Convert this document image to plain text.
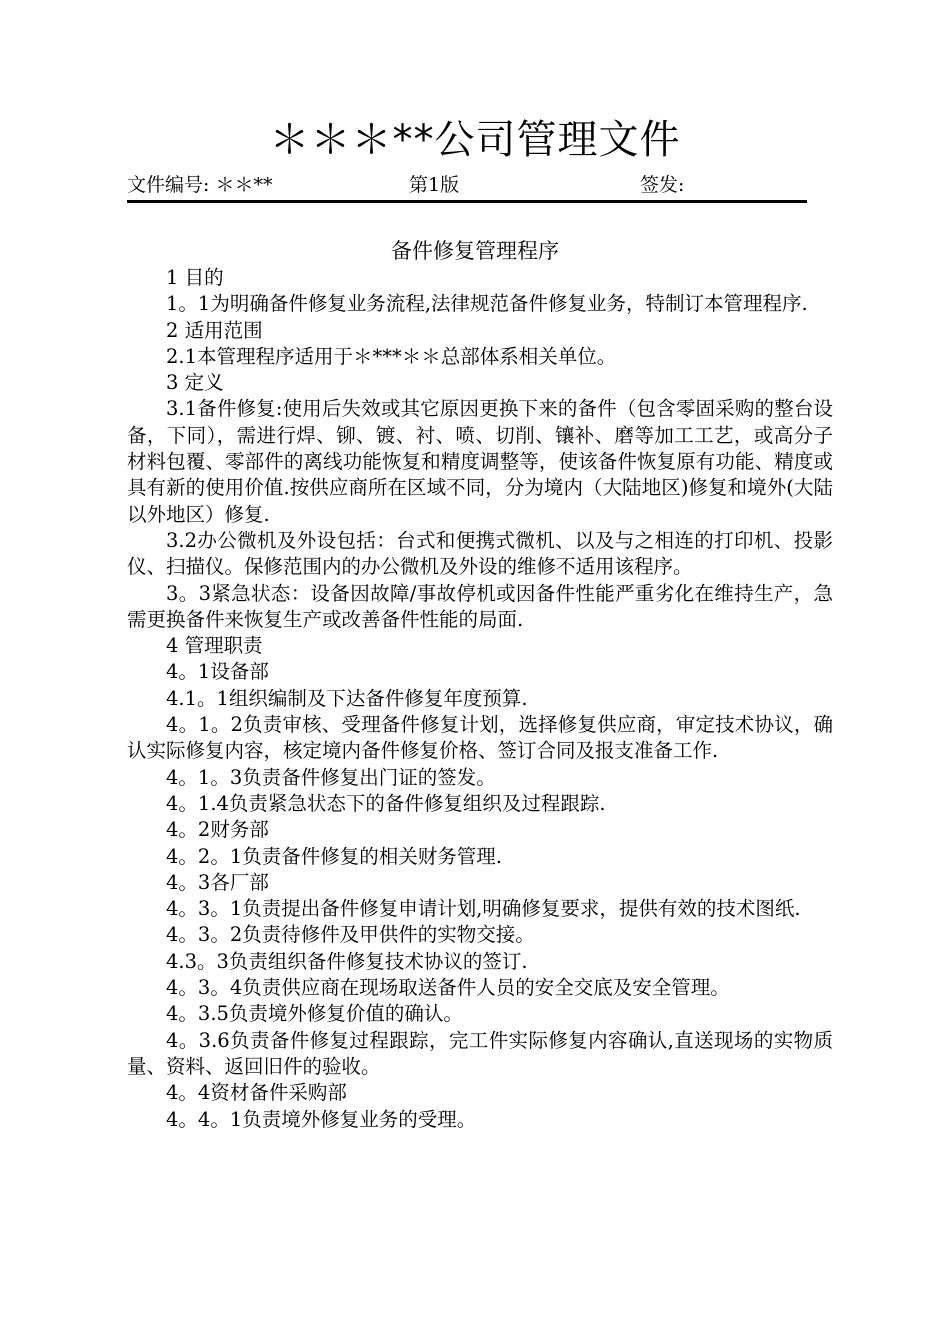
＊＊＊**公司管理文件
文件编号: ＊＊**	第1版	签发:
备件修复管理程序

1 目的

1。1为明确备件修复业务流程,法律规范备件修复业务，特制订本管理程序.

2 适用范围

2.1本管理程序适用于＊***＊＊总部体系相关单位。

3 定义

3.1备件修复:使用后失效或其它原因更换下来的备件（包含零固采购的整台设备，下同），需进行焊、铆、镀、衬、喷、切削、镶补、磨等加工工艺，或高分子材料包覆、零部件的离线功能恢复和精度调整等，使该备件恢复原有功能、精度或具有新的使用价值.按供应商所在区域不同，分为境内（大陆地区)修复和境外(大陆以外地区）修复.

3.2办公微机及外设包括：台式和便携式微机、以及与之相连的打印机、投影仪、扫描仪。保修范围内的办公微机及外设的维修不适用该程序。

3。3紧急状态：设备因故障/事故停机或因备件性能严重劣化在维持生产，急需更换备件来恢复生产或改善备件性能的局面.

4 管理职责

4。1设备部

4.1。1组织编制及下达备件修复年度预算.

4。1。2负责审核、受理备件修复计划，选择修复供应商，审定技术协议，确认实际修复内容，核定境内备件修复价格、签订合同及报支准备工作.

4。1。3负责备件修复出门证的签发。

4。1.4负责紧急状态下的备件修复组织及过程跟踪.

4。2财务部

4。2。1负责备件修复的相关财务管理.

4。3各厂部

4。3。1负责提出备件修复申请计划,明确修复要求，提供有效的技术图纸.

4。3。2负责待修件及甲供件的实物交接。

4.3。3负责组织备件修复技术协议的签订.

4。3。4负责供应商在现场取送备件人员的安全交底及安全管理。

4。3.5负责境外修复价值的确认。

4。3.6负责备件修复过程跟踪，完工件实际修复内容确认,直送现场的实物质量、资料、返回旧件的验收。

4。4资材备件采购部

4。4。1负责境外修复业务的受理。
